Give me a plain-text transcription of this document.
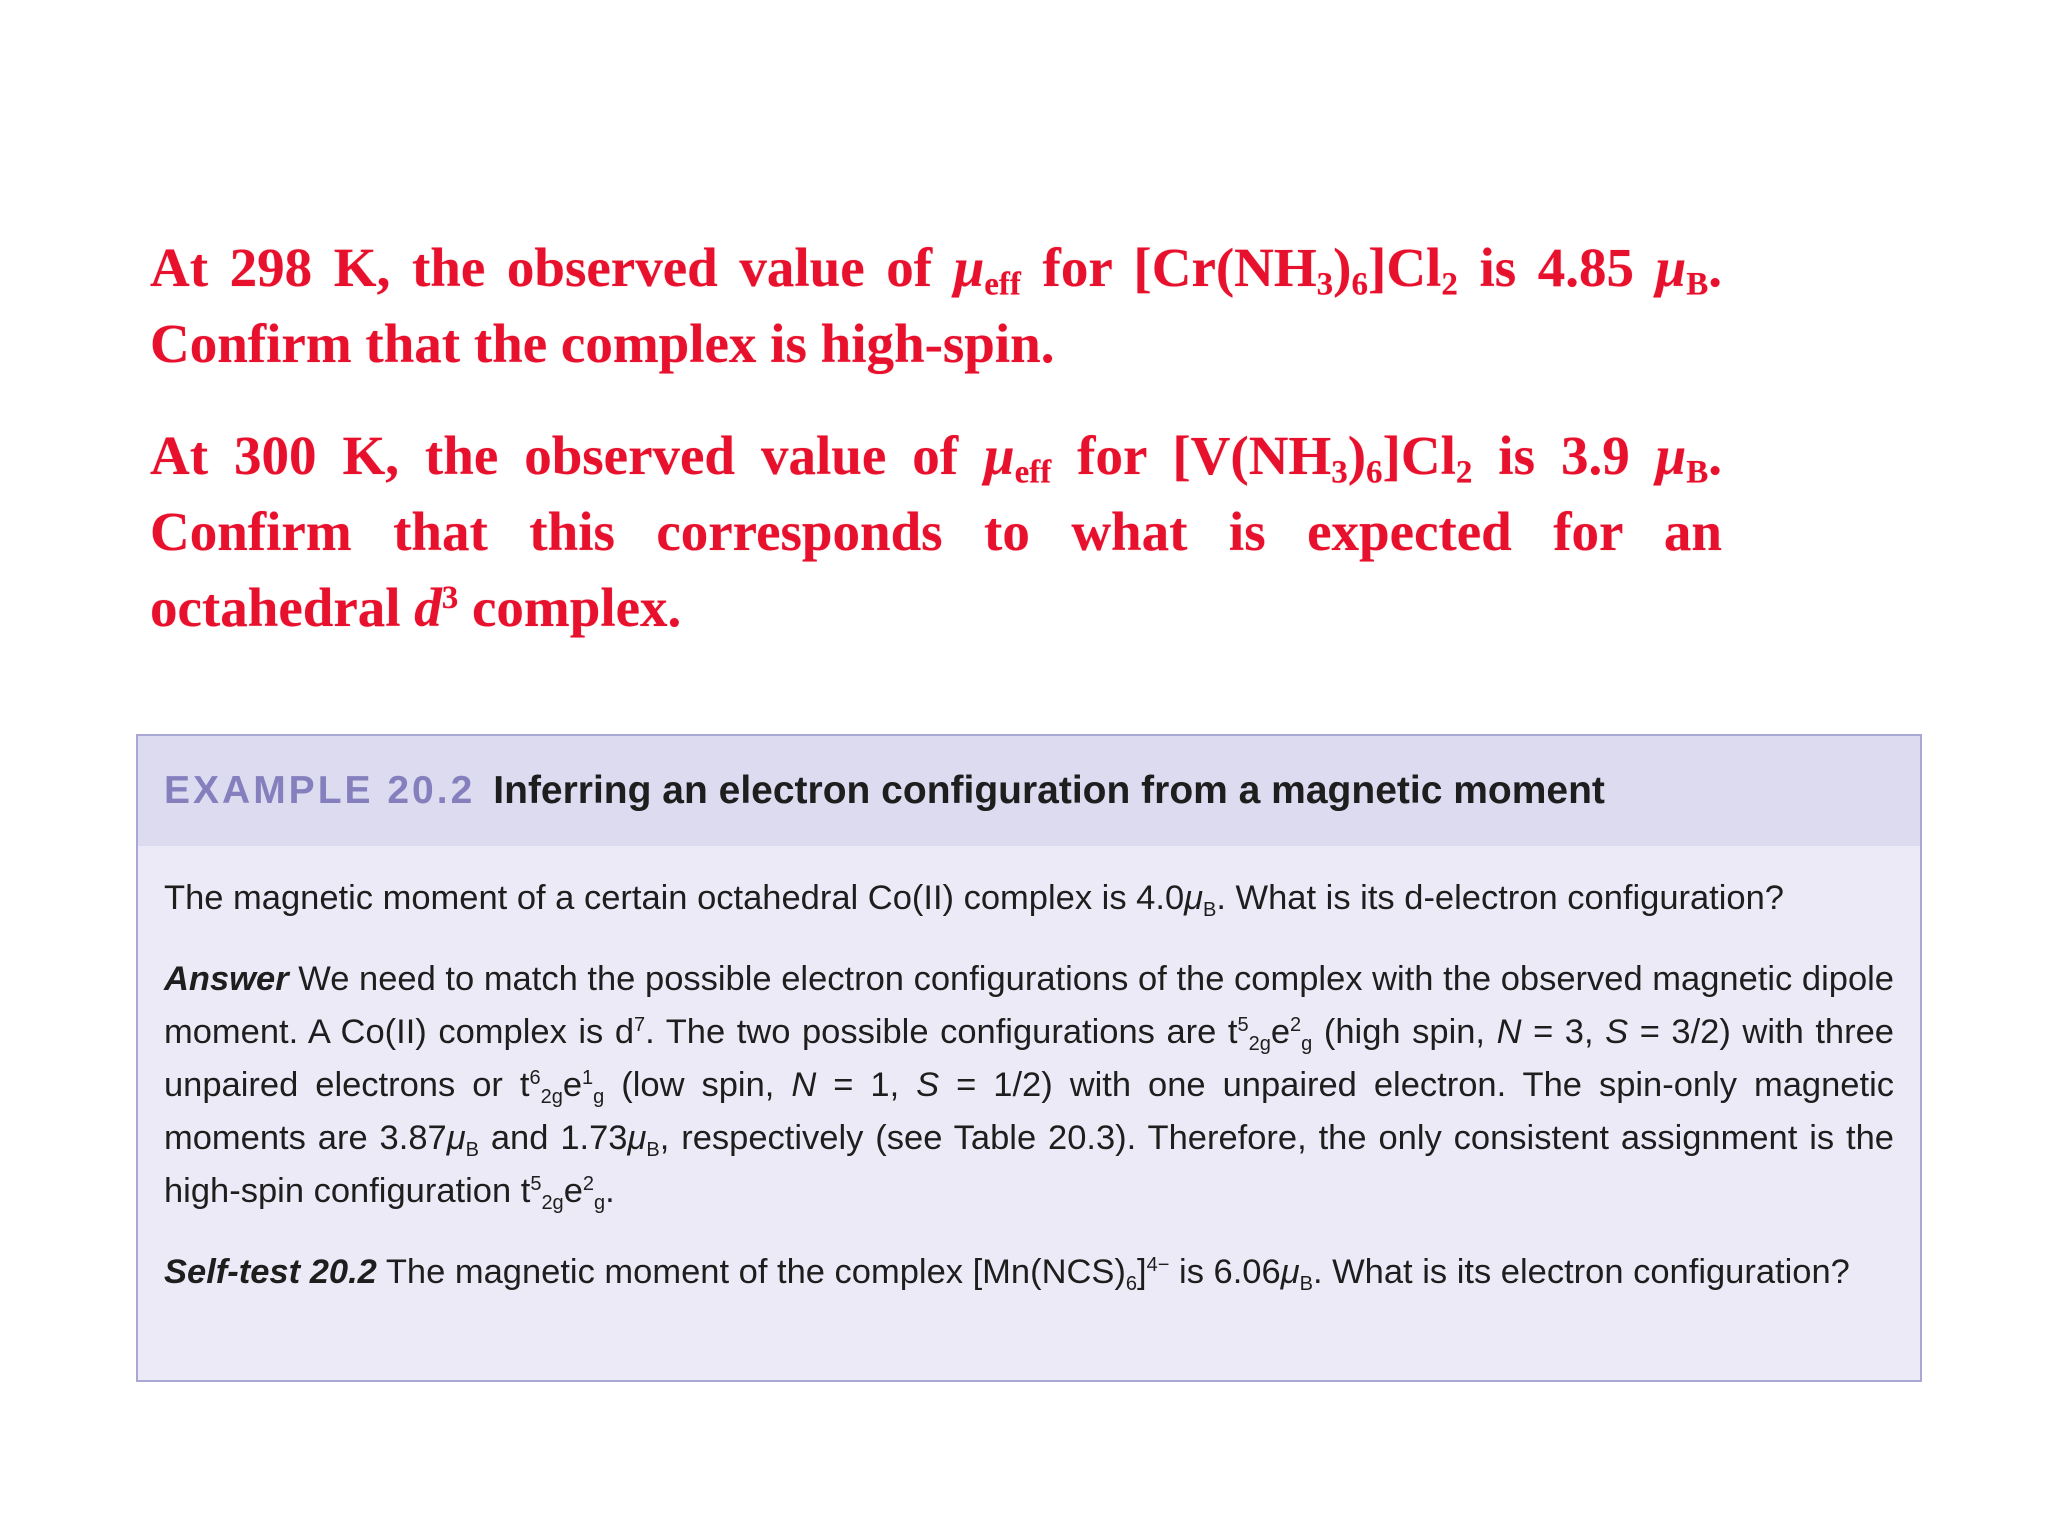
At 298 K, the observed value of $\mu_{eff}$ for $[Cr(NH_3)_6]Cl_2$ is 4.85 $\mu_B$. Confirm that the complex is high-spin.

At 300 K, the observed value of $\mu_{eff}$ for $[V(NH_3)_6]Cl_2$ is 3.9 $\mu_B$. Confirm that this corresponds to what is expected for an octahedral $d^3$ complex.

EXAMPLE 20.2 Inferring an electron configuration from a magnetic moment

The magnetic moment of a certain octahedral Co(II) complex is $4.0\mu_B$. What is its d-electron configuration?

Answer We need to match the possible electron configurations of the complex with the observed magnetic dipole moment. A Co(II) complex is $d^7$. The two possible configurations are $t^5_{2g}e^2_g$ (high spin, N = 3, S = 3/2) with three unpaired electrons or $t^6_{2g}e^1_g$ (low spin, N = 1, S = 1/2) with one unpaired electron. The spin-only magnetic moments are $3.87\mu_B$ and $1.73\mu_B$, respectively (see Table 20.3). Therefore, the only consistent assignment is the high-spin configuration $t^5_{2g}e^2_g$.

Self-test 20.2 The magnetic moment of the complex $[Mn(NCS)_6]^{4-}$ is $6.06\mu_B$. What is its electron configuration?
